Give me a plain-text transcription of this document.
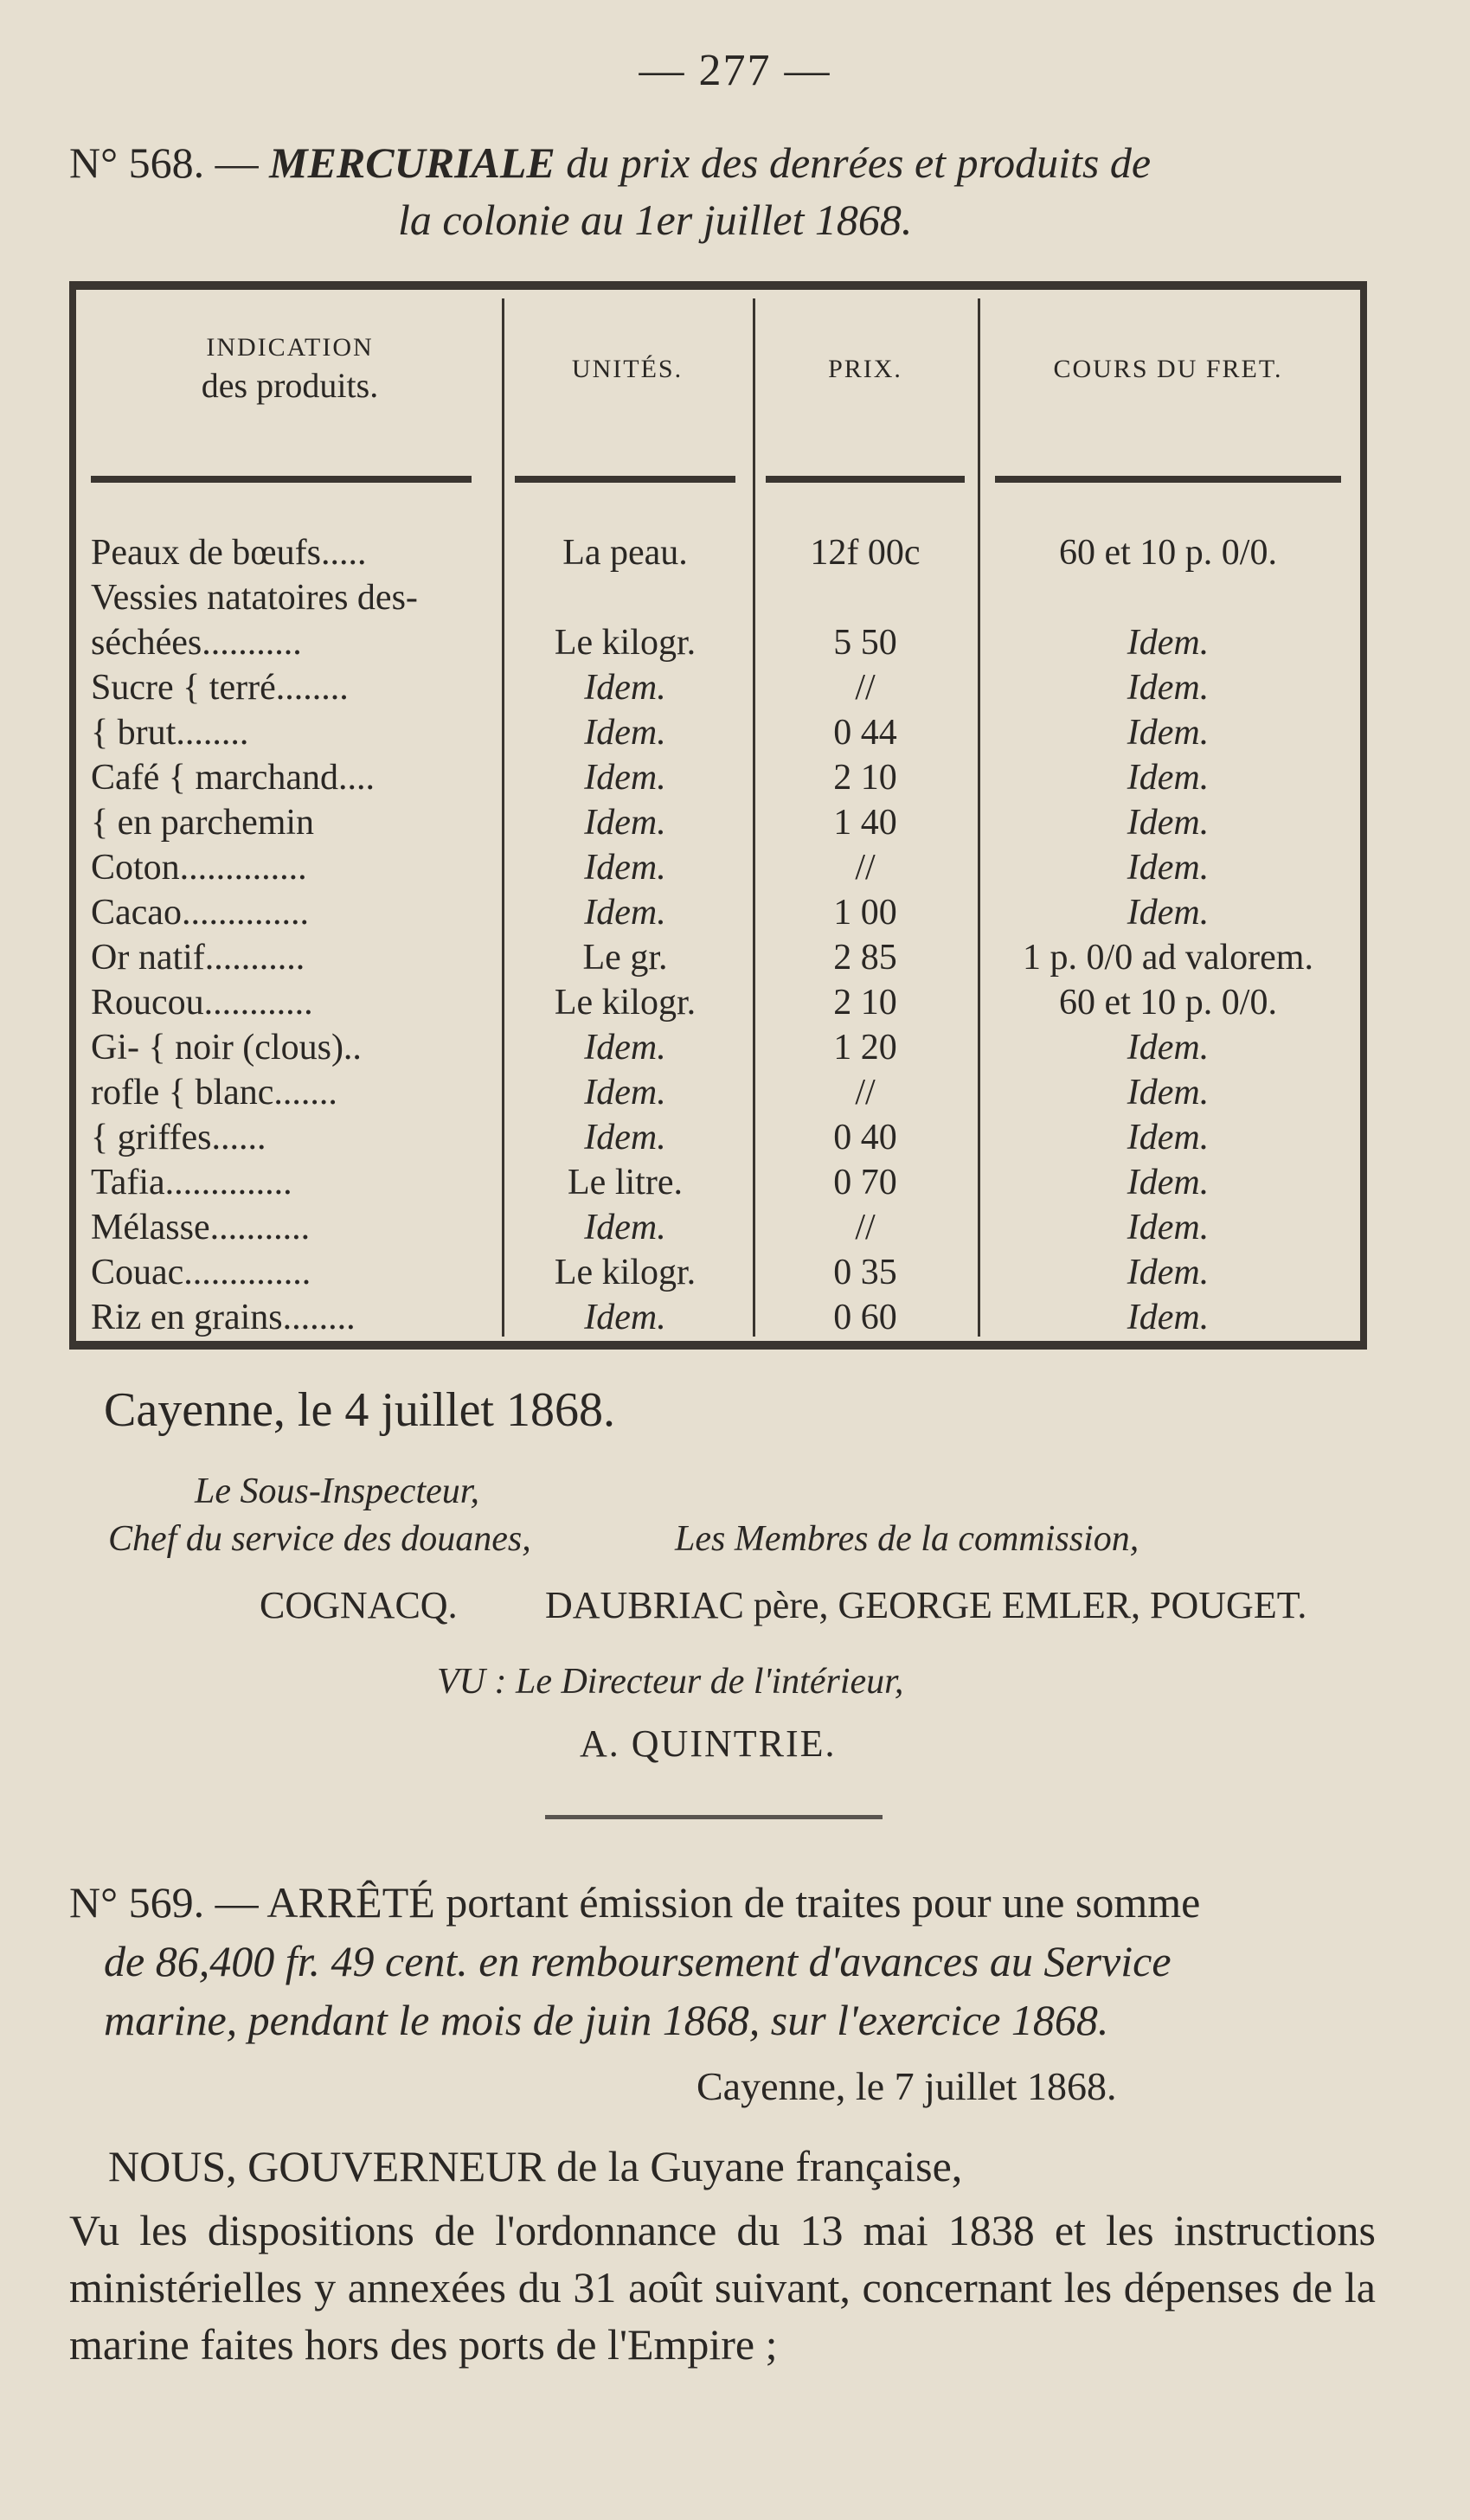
— 277 —
N° 568. — MERCURIALE du prix des denrées et produits de
la colonie au 1er juillet 1868.
INDICATION
des produits.	UNITÉS.	PRIX.	COURS DU FRET.
Peaux de bœufs.....	La peau.	12f 00c	60 et 10 p. 0/0.
Vessies natatoires des-
séchées...........	Le kilogr.	5 50	Idem.
Sucre { terré........	Idem.	//	Idem.
{ brut........	Idem.	0 44	Idem.
Café { marchand....	Idem.	2 10	Idem.
{ en parchemin	Idem.	1 40	Idem.
Coton..............	Idem.	//	Idem.
Cacao..............	Idem.	1 00	Idem.
Or natif...........	Le gr.	2 85	1 p. 0/0 ad valorem.
Roucou............	Le kilogr.	2 10	60 et 10 p. 0/0.
Gi- { noir (clous)..	Idem.	1 20	Idem.
rofle { blanc.......	Idem.	//	Idem.
{ griffes......	Idem.	0 40	Idem.
Tafia..............	Le litre.	0 70	Idem.
Mélasse...........	Idem.	//	Idem.
Couac..............	Le kilogr.	0 35	Idem.
Riz en grains........	Idem.	0 60	Idem.
Cayenne, le 4 juillet 1868.
Le Sous-Inspecteur,
Chef du service des douanes,	Les Membres de la commission,
COGNACQ. DAUBRIAC père, GEORGE EMLER, POUGET.
VU : Le Directeur de l'intérieur,
A. QUINTRIE.
N° 569. — ARRÊTÉ portant émission de traites pour une somme
de 86,400 fr. 49 cent. en remboursement d'avances au Service
marine, pendant le mois de juin 1868, sur l'exercice 1868.
Cayenne, le 7 juillet 1868.
NOUS, GOUVERNEUR de la Guyane française,
Vu les dispositions de l'ordonnance du 13 mai 1838 et les instructions ministérielles y annexées du 31 août suivant, concernant les dépenses de la marine faites hors des ports de l'Empire ;
